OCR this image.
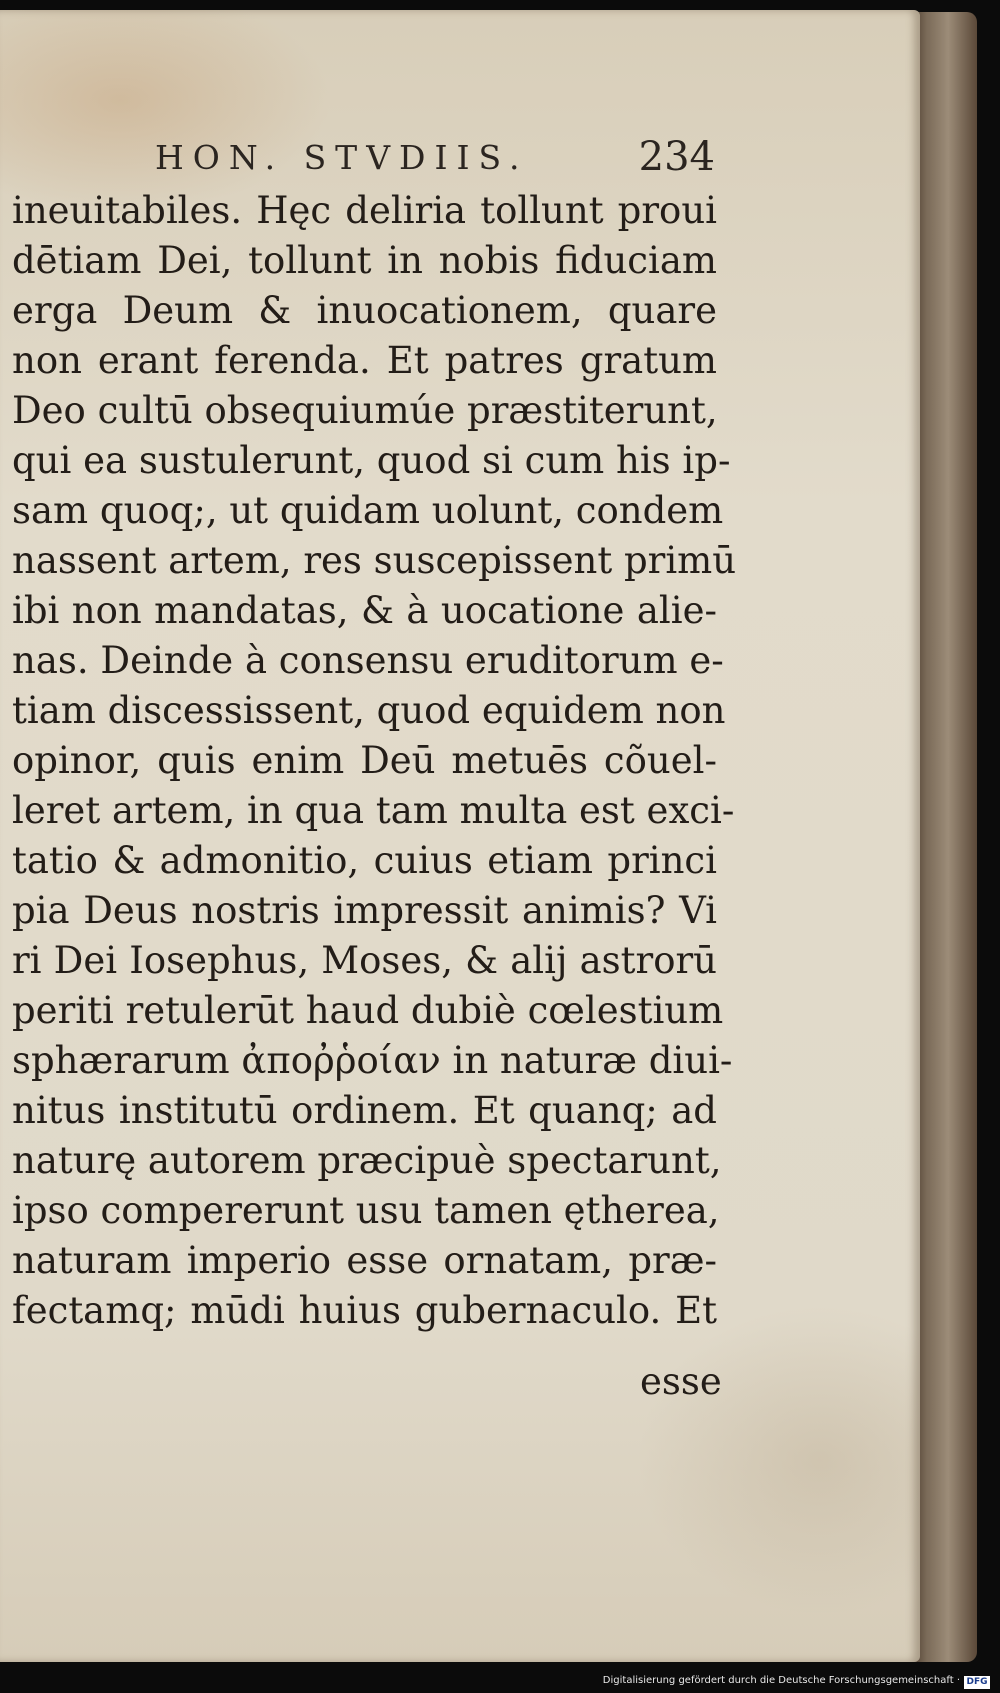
HON. STVDIIS.	234
ineuitabiles. Hęc deliria tollunt proui
dētiam Dei, tollunt in nobis fiduciam
erga Deum & inuocationem, quare
non erant ferenda. Et patres gratum
Deo cultū obsequiumúe præstiterunt,
qui ea sustulerunt, quod si cum his ip-
sam quoq;, ut quidam uolunt, condem
nassent artem, res suscepissent primū
ibi non mandatas, & à uocatione alie-
nas. Deinde à consensu eruditorum e-
tiam discessissent, quod equidem non
opinor, quis enim Deū metuēs cõuel-
leret artem, in qua tam multa est exci-
tatio & admonitio, cuius etiam princi
pia Deus nostris impressit animis? Vi
ri Dei Iosephus, Moses, & alij astrorū
periti retulerūt haud dubiè cœlestium
sphærarum ἀποῤῥοίαν in naturæ diui-
nitus institutū ordinem. Et quanq; ad
naturę autorem præcipuè spectarunt,
ipso compererunt usu tamen ętherea,
naturam imperio esse ornatam, præ-
fectamq; mūdi huius gubernaculo. Et
esse
Digitalisierung gefördert durch die Deutsche Forschungsgemeinschaft · DFG
